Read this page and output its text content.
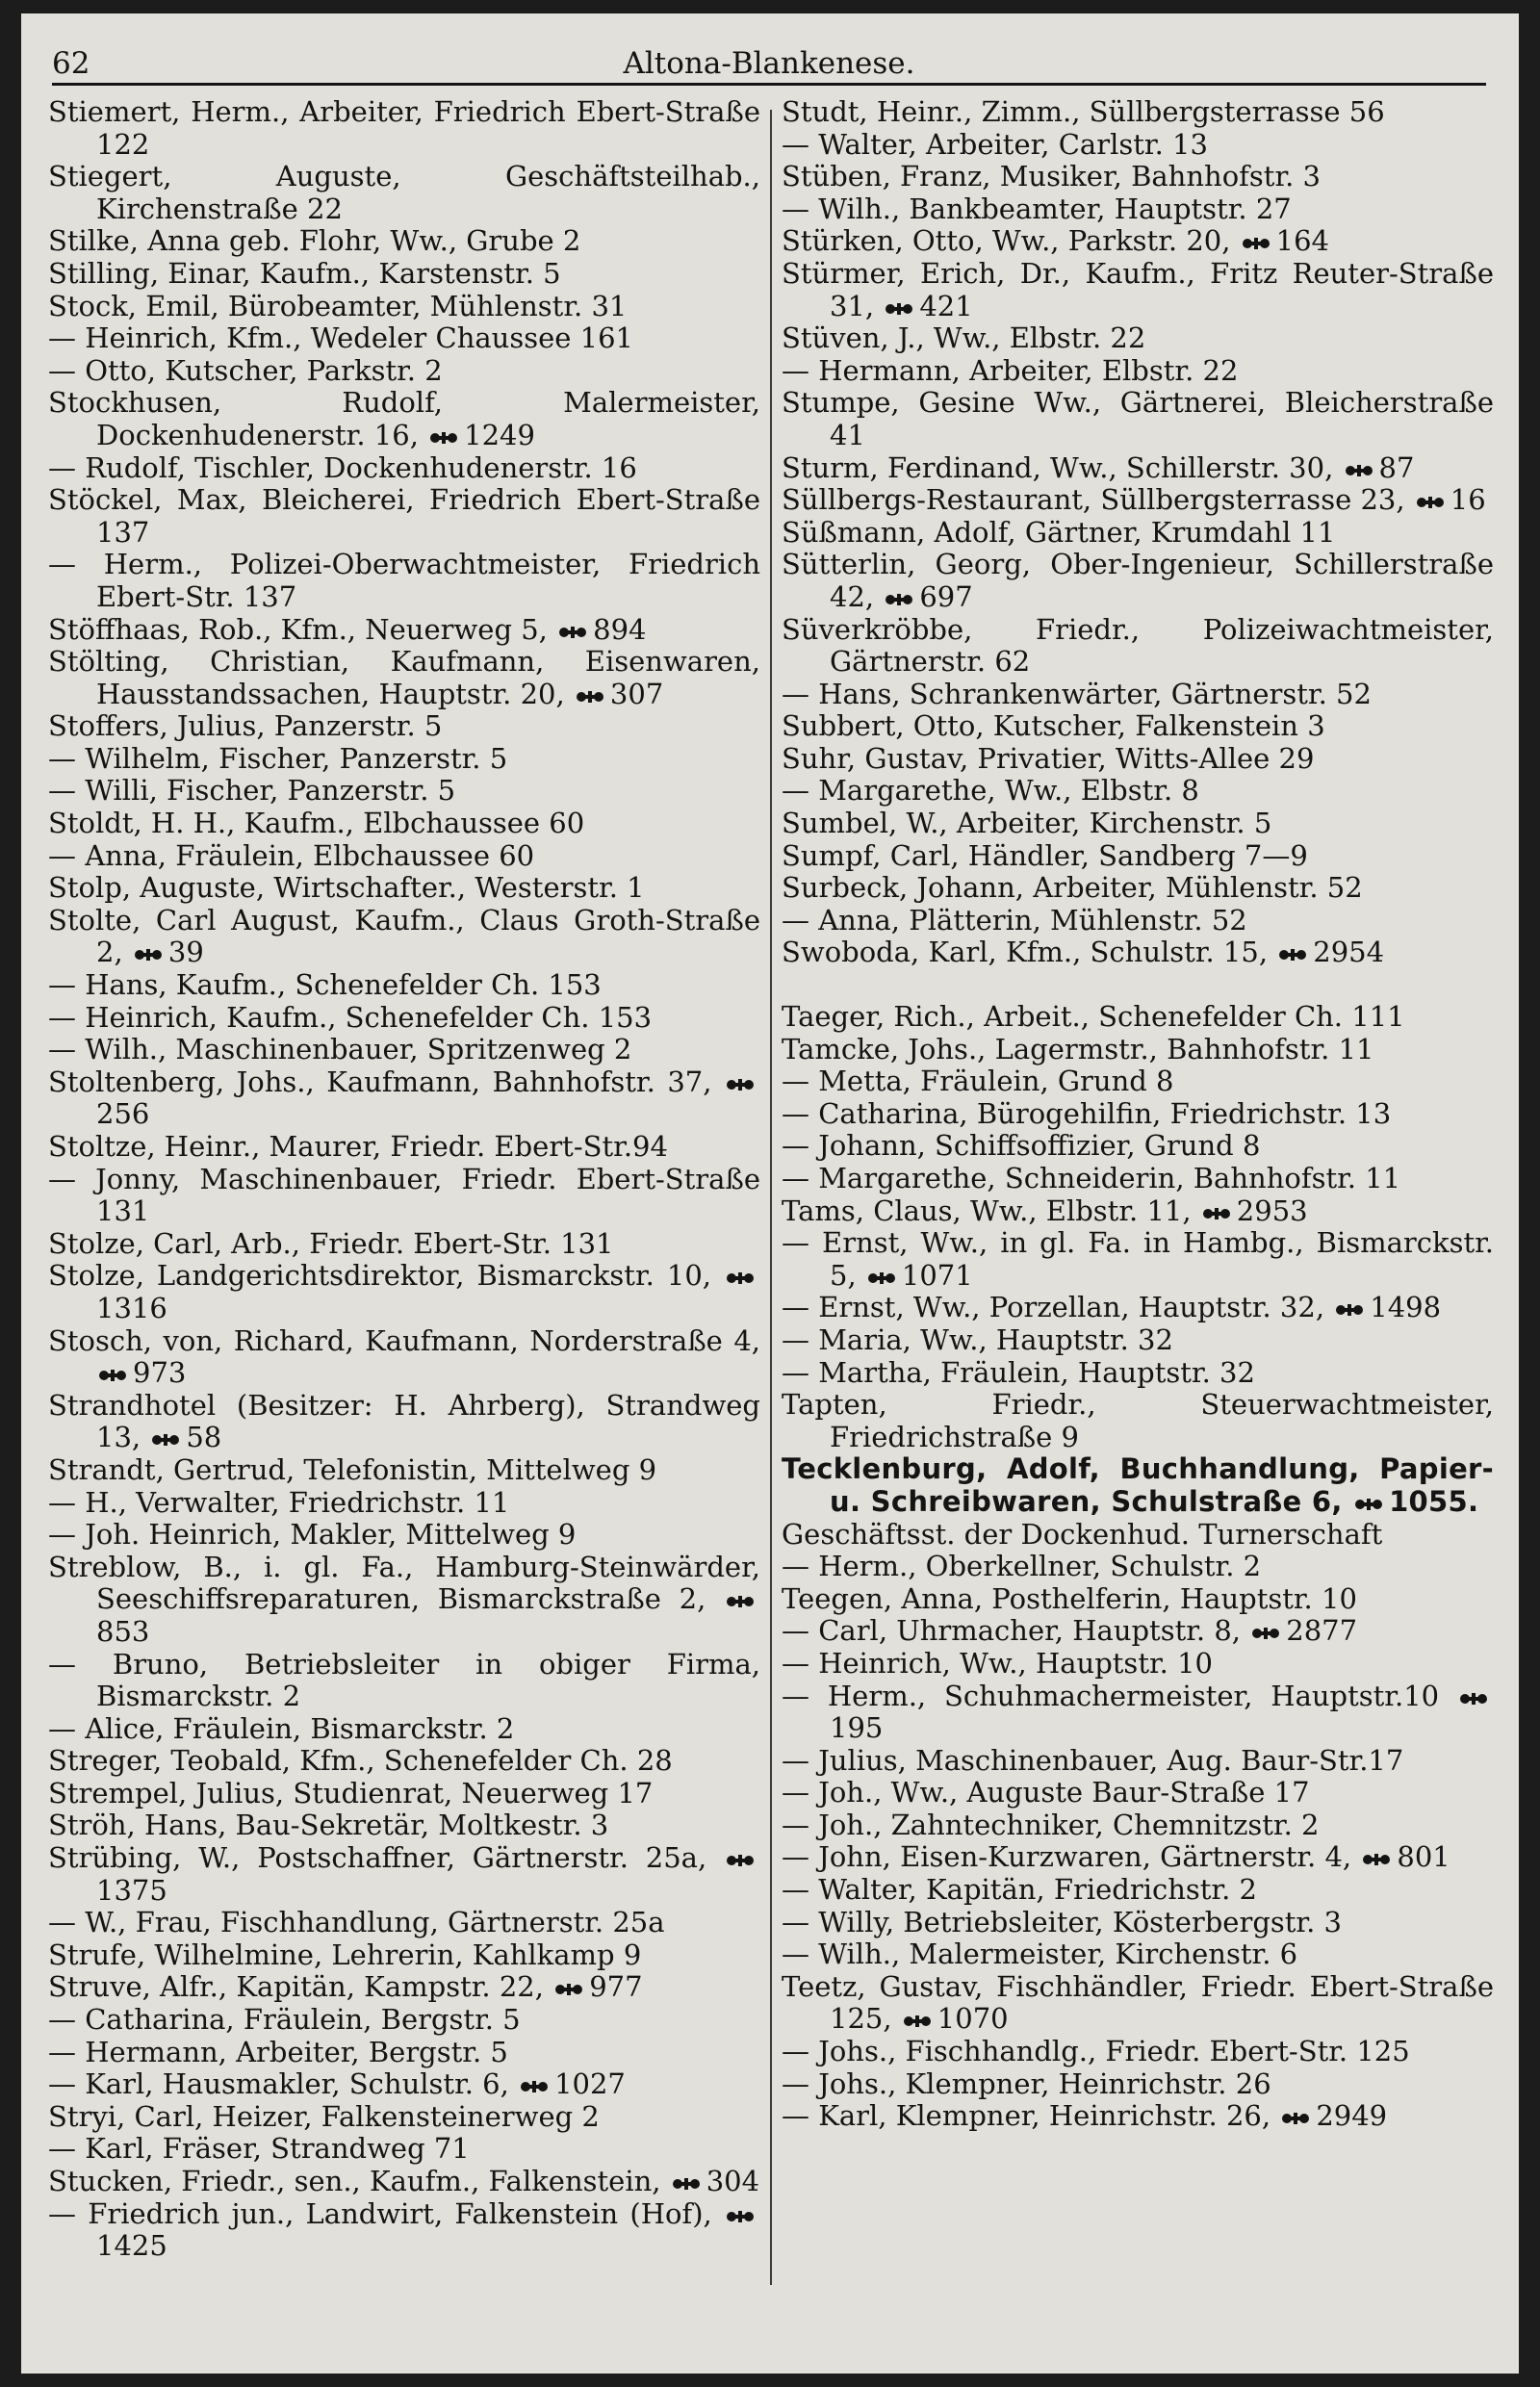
62	Altona-Blankenese.

Stiemert, Herm., Arbeiter, Friedrich Ebert-Straße 122

Stiegert, Auguste, Geschäftsteilhab., Kirchenstraße 22

Stilke, Anna geb. Flohr, Ww., Grube 2

Stilling, Einar, Kaufm., Karstenstr. 5

Stock, Emil, Bürobeamter, Mühlenstr. 31

— Heinrich, Kfm., Wedeler Chaussee 161

— Otto, Kutscher, Parkstr. 2

Stockhusen, Rudolf, Malermeister, Dockenhudenerstr. 16, 1249

— Rudolf, Tischler, Dockenhudenerstr. 16

Stöckel, Max, Bleicherei, Friedrich Ebert-Straße 137

— Herm., Polizei-Oberwachtmeister, Friedrich Ebert-Str. 137

Stöffhaas, Rob., Kfm., Neuerweg 5, 894

Stölting, Christian, Kaufmann, Eisenwaren, Hausstandssachen, Hauptstr. 20, 307

Stoffers, Julius, Panzerstr. 5

— Wilhelm, Fischer, Panzerstr. 5

— Willi, Fischer, Panzerstr. 5

Stoldt, H. H., Kaufm., Elbchaussee 60

— Anna, Fräulein, Elbchaussee 60

Stolp, Auguste, Wirtschafter., Westerstr. 1

Stolte, Carl August, Kaufm., Claus Groth-Straße 2, 39

— Hans, Kaufm., Schenefelder Ch. 153

— Heinrich, Kaufm., Schenefelder Ch. 153

— Wilh., Maschinenbauer, Spritzenweg 2

Stoltenberg, Johs., Kaufmann, Bahnhofstr. 37, 256

Stoltze, Heinr., Maurer, Friedr. Ebert-Str.94

— Jonny, Maschinenbauer, Friedr. Ebert-Straße 131

Stolze, Carl, Arb., Friedr. Ebert-Str. 131

Stolze, Landgerichtsdirektor, Bismarckstr. 10, 1316

Stosch, von, Richard, Kaufmann, Norderstraße 4, 973

Strandhotel (Besitzer: H. Ahrberg), Strandweg 13, 58

Strandt, Gertrud, Telefonistin, Mittelweg 9

— H., Verwalter, Friedrichstr. 11

— Joh. Heinrich, Makler, Mittelweg 9

Streblow, B., i. gl. Fa., Hamburg-Steinwärder, Seeschiffsreparaturen, Bismarckstraße 2, 853

— Bruno, Betriebsleiter in obiger Firma, Bismarckstr. 2

— Alice, Fräulein, Bismarckstr. 2

Streger, Teobald, Kfm., Schenefelder Ch. 28

Strempel, Julius, Studienrat, Neuerweg 17

Ströh, Hans, Bau-Sekretär, Moltkestr. 3

Strübing, W., Postschaffner, Gärtnerstr. 25a, 1375

— W., Frau, Fischhandlung, Gärtnerstr. 25a

Strufe, Wilhelmine, Lehrerin, Kahlkamp 9

Struve, Alfr., Kapitän, Kampstr. 22, 977

— Catharina, Fräulein, Bergstr. 5

— Hermann, Arbeiter, Bergstr. 5

— Karl, Hausmakler, Schulstr. 6, 1027

Stryi, Carl, Heizer, Falkensteinerweg 2

— Karl, Fräser, Strandweg 71

Stucken, Friedr., sen., Kaufm., Falkenstein, 304

— Friedrich jun., Landwirt, Falkenstein (Hof), 1425

Studt, Heinr., Zimm., Süllbergsterrasse 56

— Walter, Arbeiter, Carlstr. 13

Stüben, Franz, Musiker, Bahnhofstr. 3

— Wilh., Bankbeamter, Hauptstr. 27

Stürken, Otto, Ww., Parkstr. 20, 164

Stürmer, Erich, Dr., Kaufm., Fritz Reuter-Straße 31, 421

Stüven, J., Ww., Elbstr. 22

— Hermann, Arbeiter, Elbstr. 22

Stumpe, Gesine Ww., Gärtnerei, Bleicherstraße 41

Sturm, Ferdinand, Ww., Schillerstr. 30, 87

Süllbergs-Restaurant, Süllbergsterrasse 23, 16

Süßmann, Adolf, Gärtner, Krumdahl 11

Sütterlin, Georg, Ober-Ingenieur, Schillerstraße 42, 697

Süverkröbbe, Friedr., Polizeiwachtmeister, Gärtnerstr. 62

— Hans, Schrankenwärter, Gärtnerstr. 52

Subbert, Otto, Kutscher, Falkenstein 3

Suhr, Gustav, Privatier, Witts-Allee 29

— Margarethe, Ww., Elbstr. 8

Sumbel, W., Arbeiter, Kirchenstr. 5

Sumpf, Carl, Händler, Sandberg 7—9

Surbeck, Johann, Arbeiter, Mühlenstr. 52

— Anna, Plätterin, Mühlenstr. 52

Swoboda, Karl, Kfm., Schulstr. 15, 2954

Taeger, Rich., Arbeit., Schenefelder Ch. 111

Tamcke, Johs., Lagermstr., Bahnhofstr. 11

— Metta, Fräulein, Grund 8

— Catharina, Bürogehilfin, Friedrichstr. 13

— Johann, Schiffsoffizier, Grund 8

— Margarethe, Schneiderin, Bahnhofstr. 11

Tams, Claus, Ww., Elbstr. 11, 2953

— Ernst, Ww., in gl. Fa. in Hambg., Bismarckstr. 5, 1071

— Ernst, Ww., Porzellan, Hauptstr. 32, 1498

— Maria, Ww., Hauptstr. 32

— Martha, Fräulein, Hauptstr. 32

Tapten, Friedr., Steuerwachtmeister, Friedrichstraße 9

Tecklenburg, Adolf, Buchhandlung, Papier- u. Schreibwaren, Schulstraße 6, 1055.

Geschäftsst. der Dockenhud. Turnerschaft

— Herm., Oberkellner, Schulstr. 2

Teegen, Anna, Posthelferin, Hauptstr. 10

— Carl, Uhrmacher, Hauptstr. 8, 2877

— Heinrich, Ww., Hauptstr. 10

— Herm., Schuhmachermeister, Hauptstr.10 195

— Julius, Maschinenbauer, Aug. Baur-Str.17

— Joh., Ww., Auguste Baur-Straße 17

— Joh., Zahntechniker, Chemnitzstr. 2

— John, Eisen-Kurzwaren, Gärtnerstr. 4, 801

— Walter, Kapitän, Friedrichstr. 2

— Willy, Betriebsleiter, Kösterbergstr. 3

— Wilh., Malermeister, Kirchenstr. 6

Teetz, Gustav, Fischhändler, Friedr. Ebert-Straße 125, 1070

— Johs., Fischhandlg., Friedr. Ebert-Str. 125

— Johs., Klempner, Heinrichstr. 26

— Karl, Klempner, Heinrichstr. 26, 2949
